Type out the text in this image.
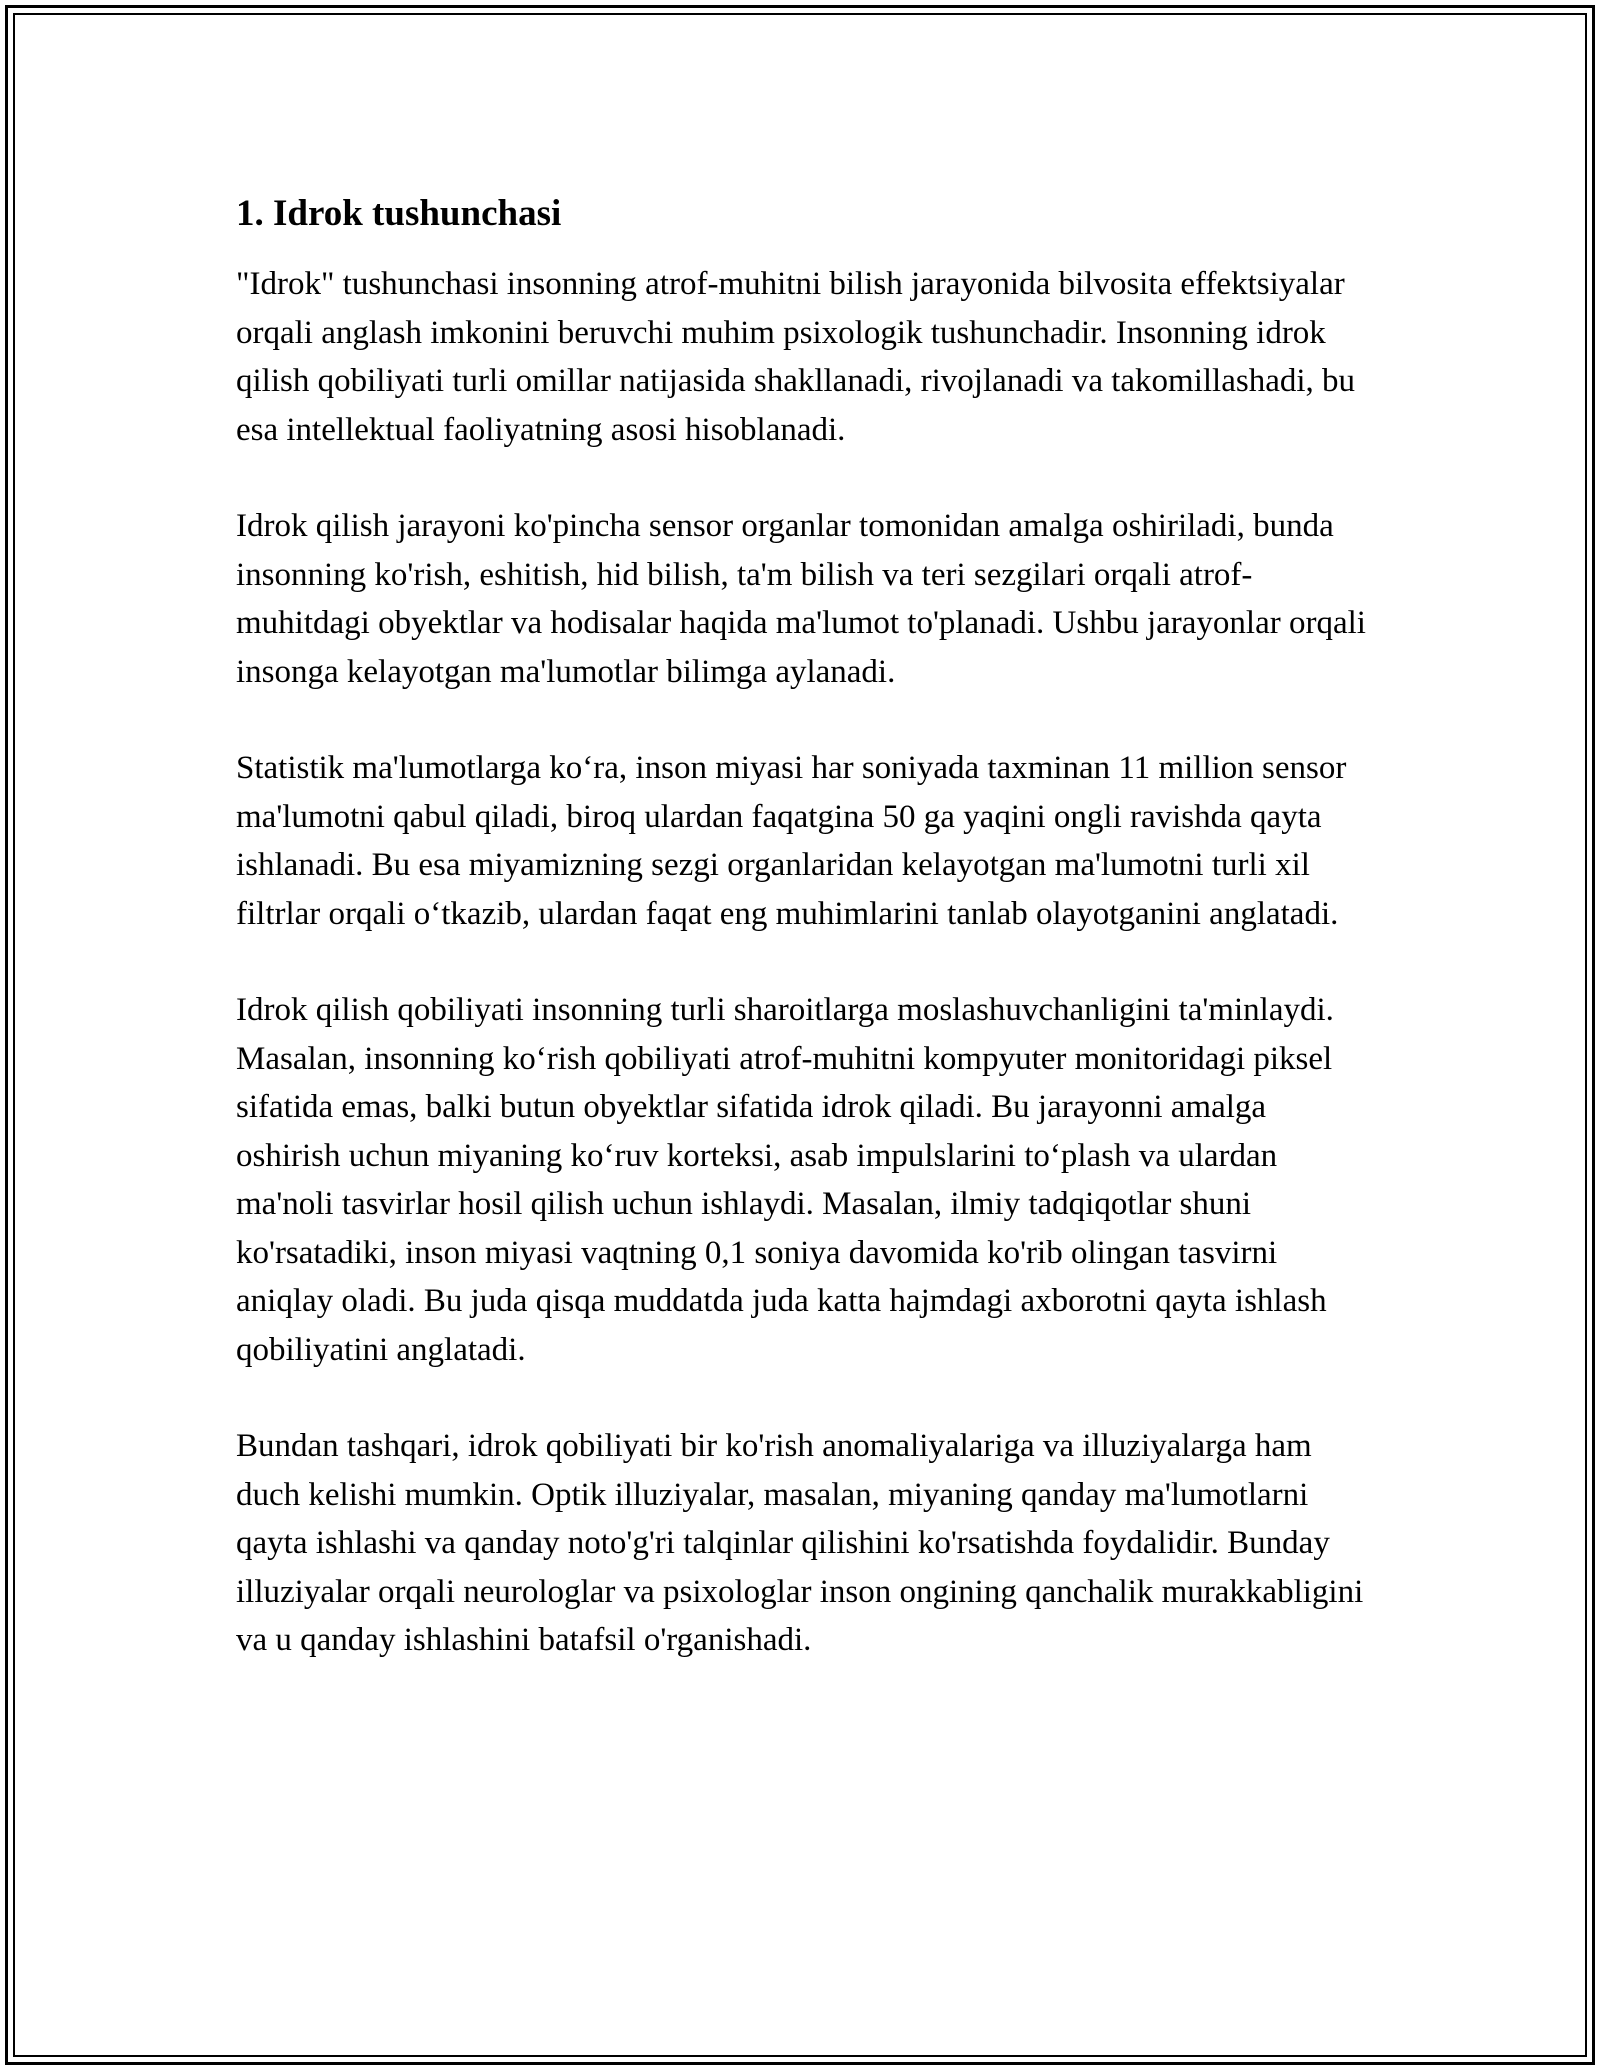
1. Idrok tushunchasi

"Idrok" tushunchasi insonning atrof-muhitni bilish jarayonida bilvosita effektsiyalar orqali anglash imkonini beruvchi muhim psixologik tushunchadir. Insonning idrok qilish qobiliyati turli omillar natijasida shakllanadi, rivojlanadi va takomillashadi, bu esa intellektual faoliyatning asosi hisoblanadi.

Idrok qilish jarayoni ko'pincha sensor organlar tomonidan amalga oshiriladi, bunda insonning ko'rish, eshitish, hid bilish, ta'm bilish va teri sezgilari orqali atrof-muhitdagi obyektlar va hodisalar haqida ma'lumot to'planadi. Ushbu jarayonlar orqali insonga kelayotgan ma'lumotlar bilimga aylanadi.

Statistik ma'lumotlarga ko‘ra, inson miyasi har soniyada taxminan 11 million sensor ma'lumotni qabul qiladi, biroq ulardan faqatgina 50 ga yaqini ongli ravishda qayta ishlanadi. Bu esa miyamizning sezgi organlaridan kelayotgan ma'lumotni turli xil filtrlar orqali o‘tkazib, ulardan faqat eng muhimlarini tanlab olayotganini anglatadi.

Idrok qilish qobiliyati insonning turli sharoitlarga moslashuvchanligini ta'minlaydi. Masalan, insonning ko‘rish qobiliyati atrof-muhitni kompyuter monitoridagi piksel sifatida emas, balki butun obyektlar sifatida idrok qiladi. Bu jarayonni amalga oshirish uchun miyaning ko‘ruv korteksi, asab impulslarini to‘plash va ulardan ma'noli tasvirlar hosil qilish uchun ishlaydi. Masalan, ilmiy tadqiqotlar shuni ko'rsatadiki, inson miyasi vaqtning 0,1 soniya davomida ko'rib olingan tasvirni aniqlay oladi. Bu juda qisqa muddatda juda katta hajmdagi axborotni qayta ishlash qobiliyatini anglatadi.

Bundan tashqari, idrok qobiliyati bir ko'rish anomaliyalariga va illuziyalarga ham duch kelishi mumkin. Optik illuziyalar, masalan, miyaning qanday ma'lumotlarni qayta ishlashi va qanday noto'g'ri talqinlar qilishini ko'rsatishda foydalidir. Bunday illuziyalar orqali neurologlar va psixologlar inson ongining qanchalik murakkabligini va u qanday ishlashini batafsil o'rganishadi.
